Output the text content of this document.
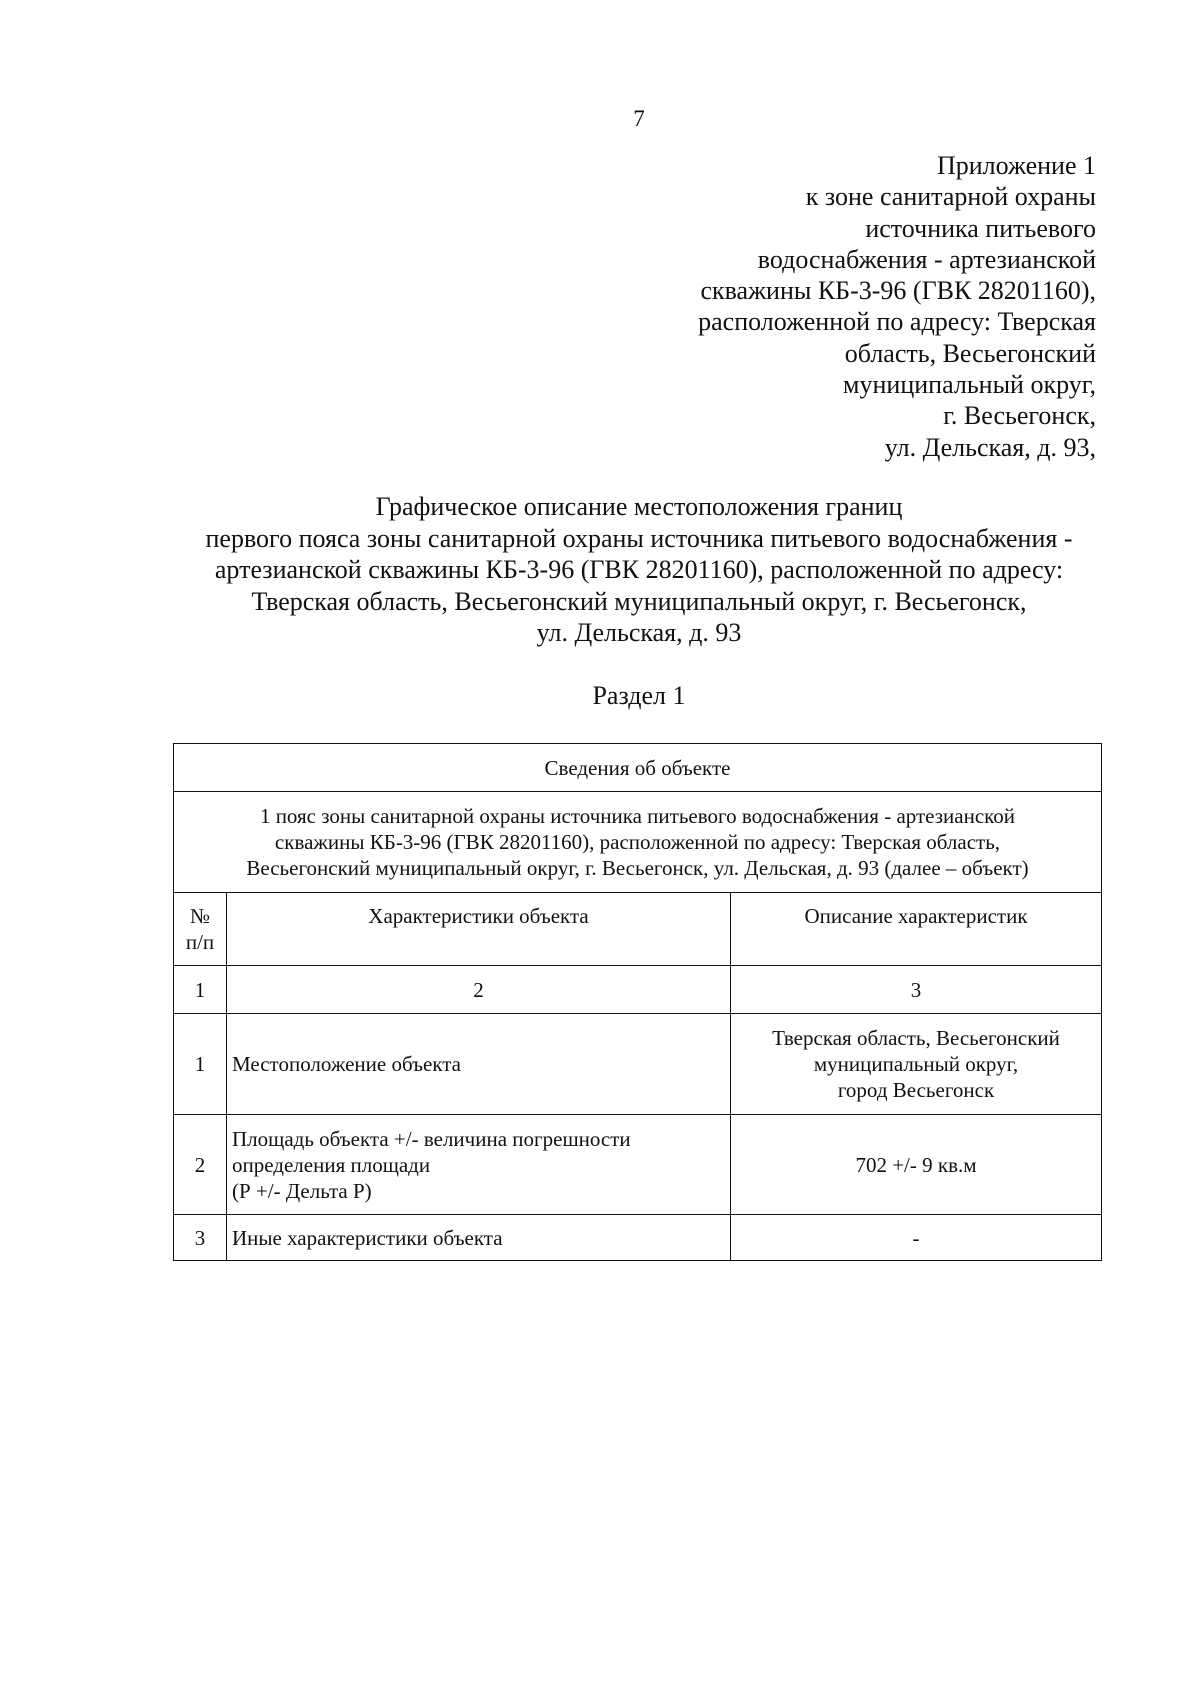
7
Приложение 1
к зоне санитарной охраны
источника питьевого
водоснабжения - артезианской
скважины КБ-3-96 (ГВК 28201160),
расположенной по адресу: Тверская
область, Весьегонский
муниципальный округ,
г. Весьегонск,
ул. Дельская, д. 93,
Графическое описание местоположения границ
первого пояса зоны санитарной охраны источника питьевого водоснабжения -
артезианской скважины КБ-3-96 (ГВК 28201160), расположенной по адресу:
Тверская область, Весьегонский муниципальный округ, г. Весьегонск,
ул. Дельская, д. 93
Раздел 1
Сведения об объекте		
1 пояс зоны санитарной охраны источника питьевого водоснабжения - артезианской
скважины КБ-3-96 (ГВК 28201160), расположенной по адресу: Тверская область,
Весьегонский муниципальный округ, г. Весьегонск, ул. Дельская, д. 93 (далее – объект)		
№
п/п	Характеристики объекта	Описание характеристик
1	2	3
1	Местоположение объекта	Тверская область, Весьегонский
муниципальный округ,
город Весьегонск
2	Площадь объекта +/- величина погрешности
определения площади
(Р +/- Дельта Р)	702 +/- 9 кв.м
3	Иные характеристики объекта	-
